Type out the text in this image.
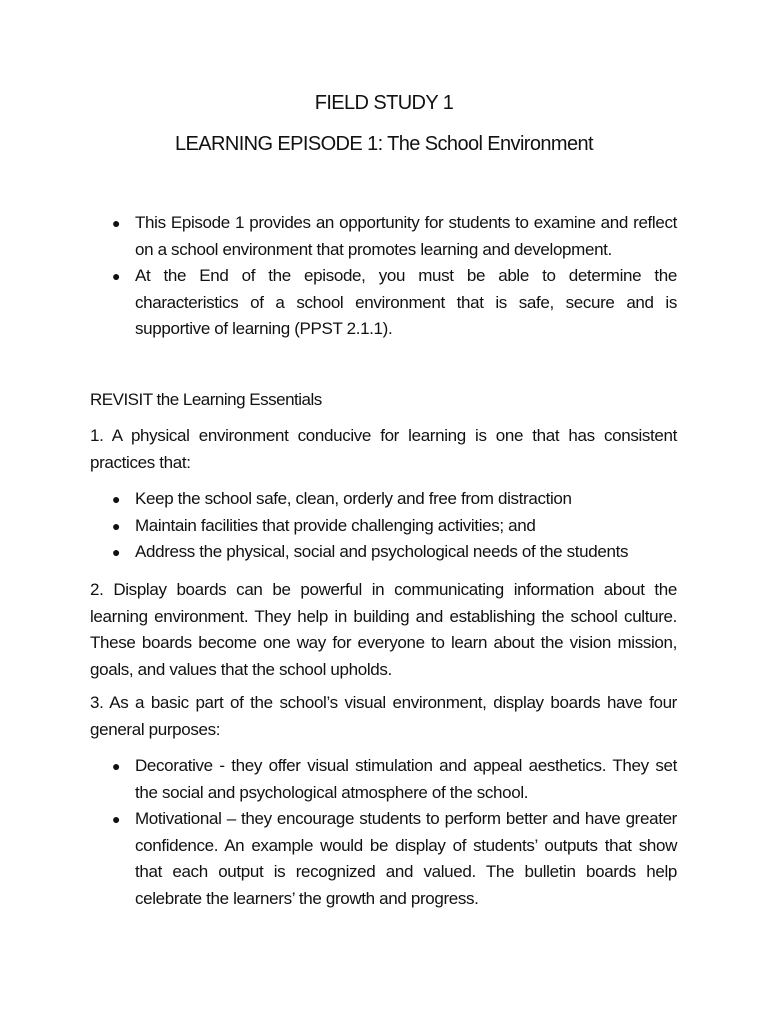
FIELD STUDY 1
LEARNING EPISODE 1: The School Environment
● This Episode 1 provides an opportunity for students to examine and reflect on a school environment that promotes learning and development.
● At the End of the episode, you must be able to determine the characteristics of a school environment that is safe, secure and is supportive of learning (PPST 2.1.1).
REVISIT the Learning Essentials
1. A physical environment conducive for learning is one that has consistent practices that:
● Keep the school safe, clean, orderly and free from distraction
● Maintain facilities that provide challenging activities; and
● Address the physical, social and psychological needs of the students
2. Display boards can be powerful in communicating information about the learning environment. They help in building and establishing the school culture. These boards become one way for everyone to learn about the vision mission, goals, and values that the school upholds.
3. As a basic part of the school’s visual environment, display boards have four general purposes:
● Decorative - they offer visual stimulation and appeal aesthetics. They set the social and psychological atmosphere of the school.
● Motivational – they encourage students to perform better and have greater confidence. An example would be display of students’ outputs that show that each output is recognized and valued. The bulletin boards help celebrate the learners’ the growth and progress.
